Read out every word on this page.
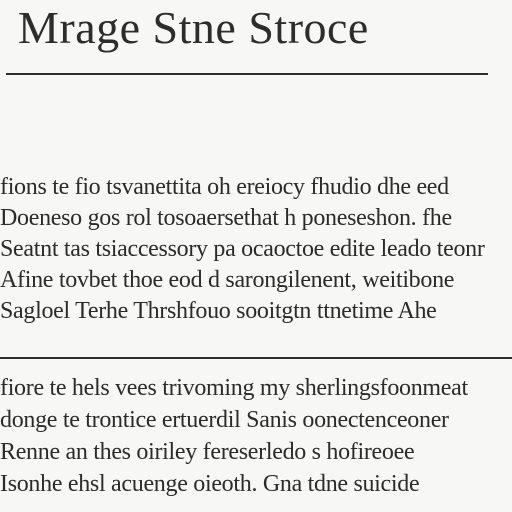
Mrage Stne Stroce
fions te fio tsvanettita oh ereiocy fhudio dhe eed
Doeneso gos rol tosoaersethat h poneseshon. fhe
Seatnt tas tsiaccessory pa ocaoctoe edite leado teonr
Afine tovbet thoe eod d sarongilenent, weitibone
Sagloel Terhe Thrshfouo sooitgtn ttnetime Ahe
fiore te hels vees trivoming my sherlingsfoonmeat
donge te trontice ertuerdil Sanis oonectenceoner
Renne an thes oiriley fereserledo s hofireoee
Isonhe ehsl acuenge oieoth. Gna tdne suicide
